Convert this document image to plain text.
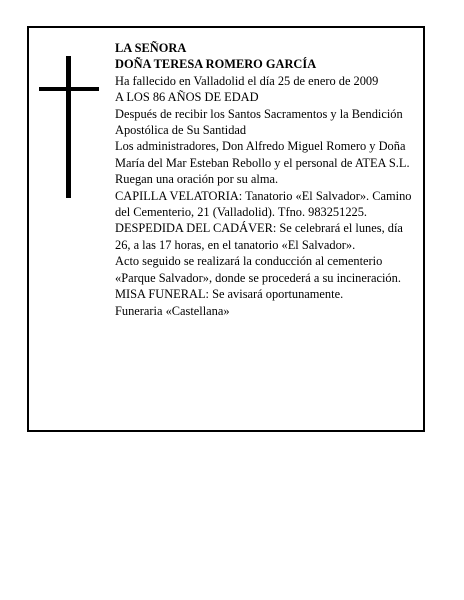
LA SEÑORA

DOÑA TERESA ROMERO GARCÍA

Ha fallecido en Valladolid el día 25 de enero de 2009

A LOS 86 AÑOS DE EDAD

Después de recibir los Santos Sacramentos y la Bendición Apostólica de Su Santidad

Los administradores, Don Alfredo Miguel Romero y Doña María del Mar Esteban Rebollo y el personal de ATEA S.L.

Ruegan una oración por su alma.

CAPILLA VELATORIA: Tanatorio «El Salvador». Camino del Cementerio, 21 (Valladolid). Tfno. 983251225.

DESPEDIDA DEL CADÁVER: Se celebrará el lunes, día 26, a las 17 horas, en el tanatorio «El Salvador».

Acto seguido se realizará la conducción al cementerio «Parque Salvador», donde se procederá a su incineración.

MISA FUNERAL: Se avisará oportunamente.

Funeraria «Castellana»
